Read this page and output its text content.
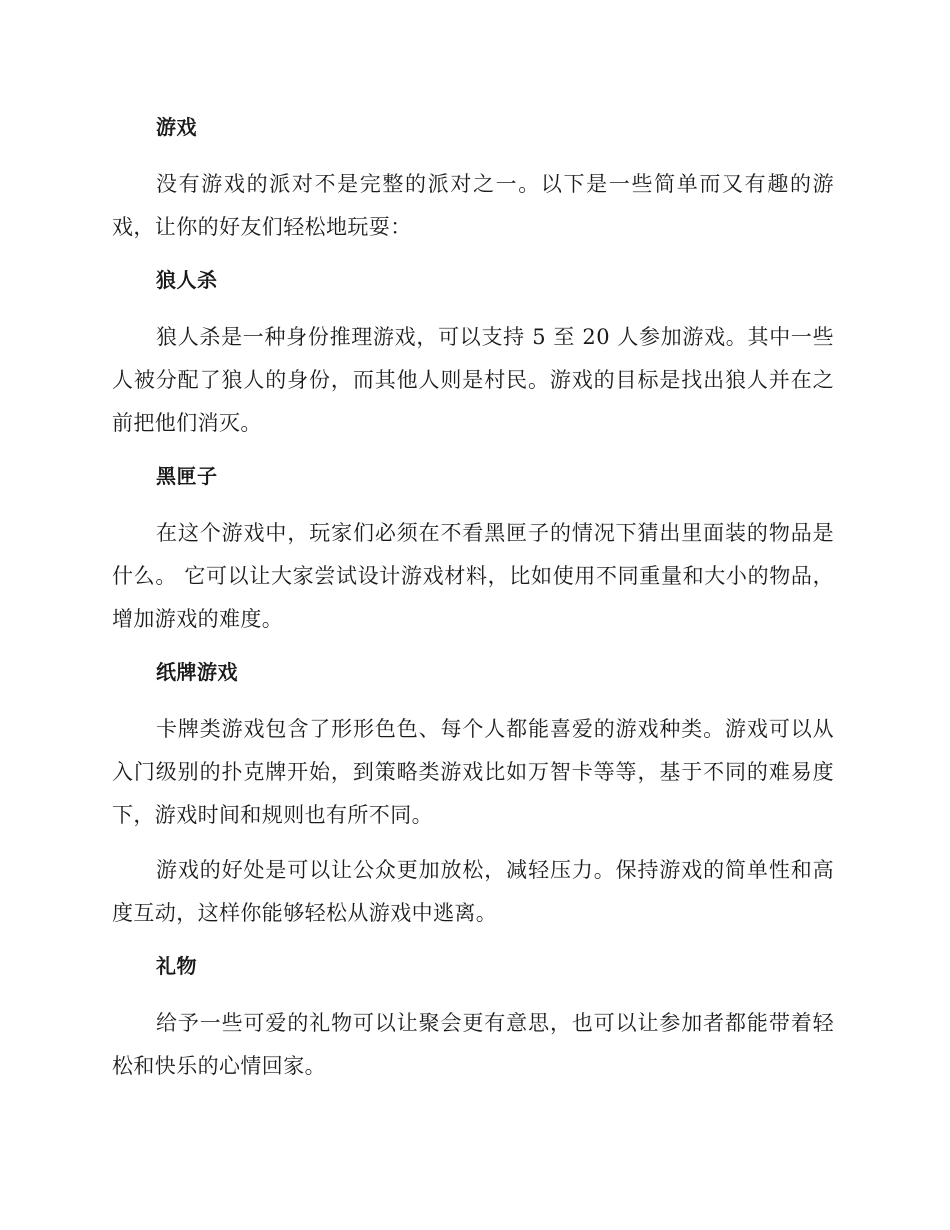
游戏

没有游戏的派对不是完整的派对之一。以下是一些简单而又有趣的游戏，让你的好友们轻松地玩耍：

狼人杀

狼人杀是一种身份推理游戏，可以支持 5 至 20 人参加游戏。其中一些人被分配了狼人的身份，而其他人则是村民。游戏的目标是找出狼人并在之前把他们消灭。

黑匣子

在这个游戏中，玩家们必须在不看黑匣子的情况下猜出里面装的物品是什么。 它可以让大家尝试设计游戏材料，比如使用不同重量和大小的物品，增加游戏的难度。

纸牌游戏

卡牌类游戏包含了形形色色、每个人都能喜爱的游戏种类。游戏可以从入门级别的扑克牌开始，到策略类游戏比如万智卡等等，基于不同的难易度下，游戏时间和规则也有所不同。

游戏的好处是可以让公众更加放松，减轻压力。保持游戏的简单性和高度互动，这样你能够轻松从游戏中逃离。

礼物

给予一些可爱的礼物可以让聚会更有意思，也可以让参加者都能带着轻松和快乐的心情回家。
